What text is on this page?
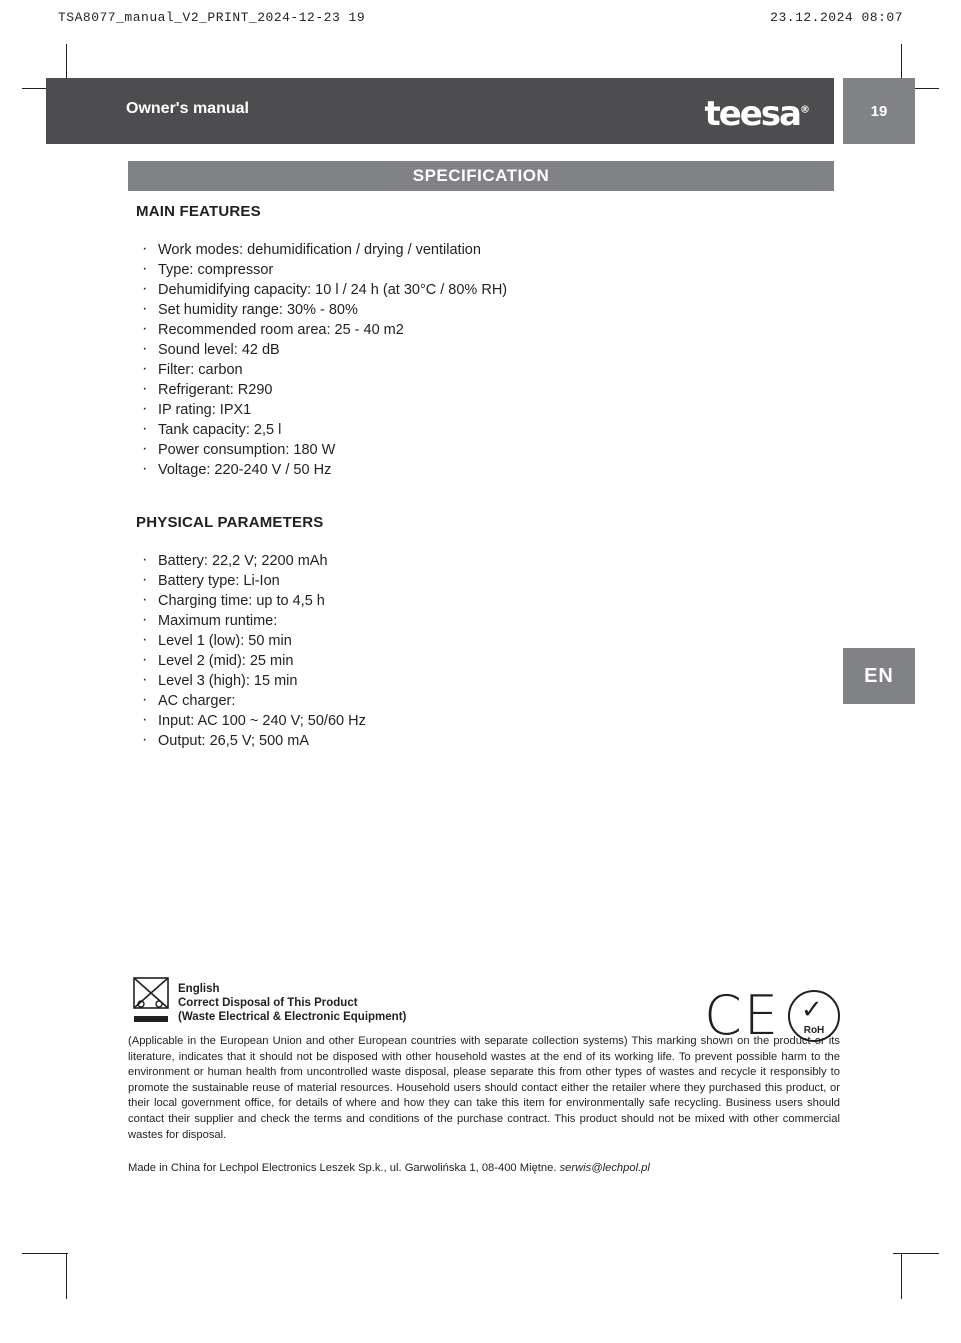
TSA8077_manual_V2_PRINT_2024-12-23 19	23.12.2024 08:07
Owner's manual	teesa®	19
EN
SPECIFICATION
MAIN FEATURES
· Work modes: dehumidification / drying / ventilation
· Type: compressor
· Dehumidifying capacity: 10 l / 24 h (at 30°C / 80% RH)
· Set humidity range: 30% - 80%
· Recommended room area: 25 - 40 m2
· Sound level: 42 dB
· Filter: carbon
· Refrigerant: R290
· IP rating: IPX1
· Tank capacity: 2,5 l
· Power consumption: 180 W
· Voltage: 220-240 V / 50 Hz
PHYSICAL PARAMETERS
· Battery: 22,2 V; 2200 mAh
· Battery type: Li-Ion
· Charging time: up to 4,5 h
· Maximum runtime:
· Level 1 (low): 50 min
· Level 2 (mid): 25 min
· Level 3 (high): 15 min
· AC charger:
· Input: AC 100 ~ 240 V; 50/60 Hz
· Output: 26,5 V; 500 mA
English
Correct Disposal of This Product
(Waste Electrical & Electronic Equipment)	CE ✓
RoH
(Applicable in the European Union and other European countries with separate collection systems) This marking shown on the product or its literature, indicates that it should not be disposed with other household wastes at the end of its working life. To prevent possible harm to the environment or human health from uncontrolled waste disposal, please separate this from other types of wastes and recycle it responsibly to promote the sustainable reuse of material resources. Household users should contact either the retailer where they purchased this product, or their local government office, for details of where and how they can take this item for environmentally safe recycling. Business users should contact their supplier and check the terms and conditions of the purchase contract. This product should not be mixed with other commercial wastes for disposal.
Made in China for Lechpol Electronics Leszek Sp.k., ul. Garwolińska 1, 08-400 Miętne. serwis@lechpol.pl
